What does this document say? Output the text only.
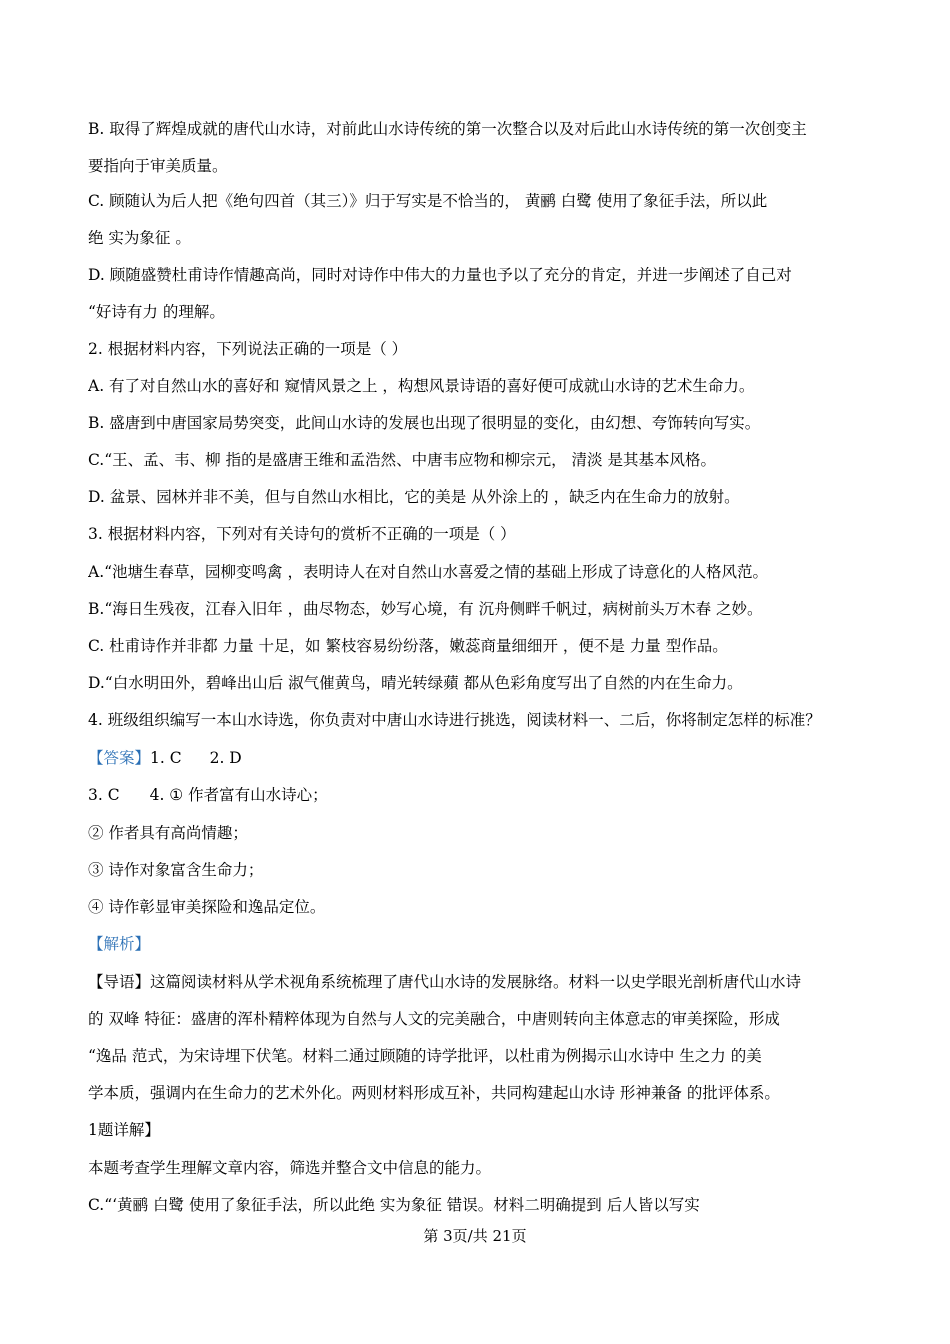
B. 取得了辉煌成就的唐代山水诗，对前此山水诗传统的第一次整合以及对后此山水诗传统的第一次创变主
要指向于审美质量。
C. 顾随认为后人把《绝句四首（其三）》归于写实是不恰当的， 黄鹂 白鹭 使用了象征手法，所以此
绝 实为象征 。
D. 顾随盛赞杜甫诗作情趣高尚，同时对诗作中伟大的力量也予以了充分的肯定，并进一步阐述了自己对
“好诗有力 的理解。
2. 根据材料内容，下列说法正确的一项是（ ）
A. 有了对自然山水的喜好和 窥情风景之上 ，构想风景诗语的喜好便可成就山水诗的艺术生命力。
B. 盛唐到中唐国家局势突变，此间山水诗的发展也出现了很明显的变化，由幻想、夸饰转向写实。
C.“王、孟、韦、柳 指的是盛唐王维和孟浩然、中唐韦应物和柳宗元， 清淡 是其基本风格。
D. 盆景、园林并非不美，但与自然山水相比，它的美是 从外涂上的 ，缺乏内在生命力的放射。
3. 根据材料内容，下列对有关诗句的赏析不正确的一项是（ ）
A.“池塘生春草，园柳变鸣禽 ，表明诗人在对自然山水喜爱之情的基础上形成了诗意化的人格风范。
B.“海日生残夜，江春入旧年 ，曲尽物态，妙写心境，有 沉舟侧畔千帆过，病树前头万木春 之妙。
C. 杜甫诗作并非都 力量 十足，如 繁枝容易纷纷落，嫩蕊商量细细开 ，便不是 力量 型作品。
D.“白水明田外，碧峰出山后 淑气催黄鸟，晴光转绿蘋 都从色彩角度写出了自然的内在生命力。
4. 班级组织编写一本山水诗选，你负责对中唐山水诗进行挑选，阅读材料一、二后，你将制定怎样的标准？
【答案】1. C 2. D
3. C 4. ① 作者富有山水诗心；
② 作者具有高尚情趣；
③ 诗作对象富含生命力；
④ 诗作彰显审美探险和逸品定位。
【解析】
【导语】这篇阅读材料从学术视角系统梳理了唐代山水诗的发展脉络。材料一以史学眼光剖析唐代山水诗
的 双峰 特征：盛唐的浑朴精粹体现为自然与人文的完美融合，中唐则转向主体意志的审美探险，形成
“逸品 范式，为宋诗埋下伏笔。材料二通过顾随的诗学批评，以杜甫为例揭示山水诗中 生之力 的美
学本质，强调内在生命力的艺术外化。两则材料形成互补，共同构建起山水诗 形神兼备 的批评体系。
1题详解】
本题考查学生理解文章内容，筛选并整合文中信息的能力。
C.“‘黄鹂 白鹭 使用了象征手法，所以此绝 实为象征 错误。材料二明确提到 后人皆以写实
第 3页/共 21页
